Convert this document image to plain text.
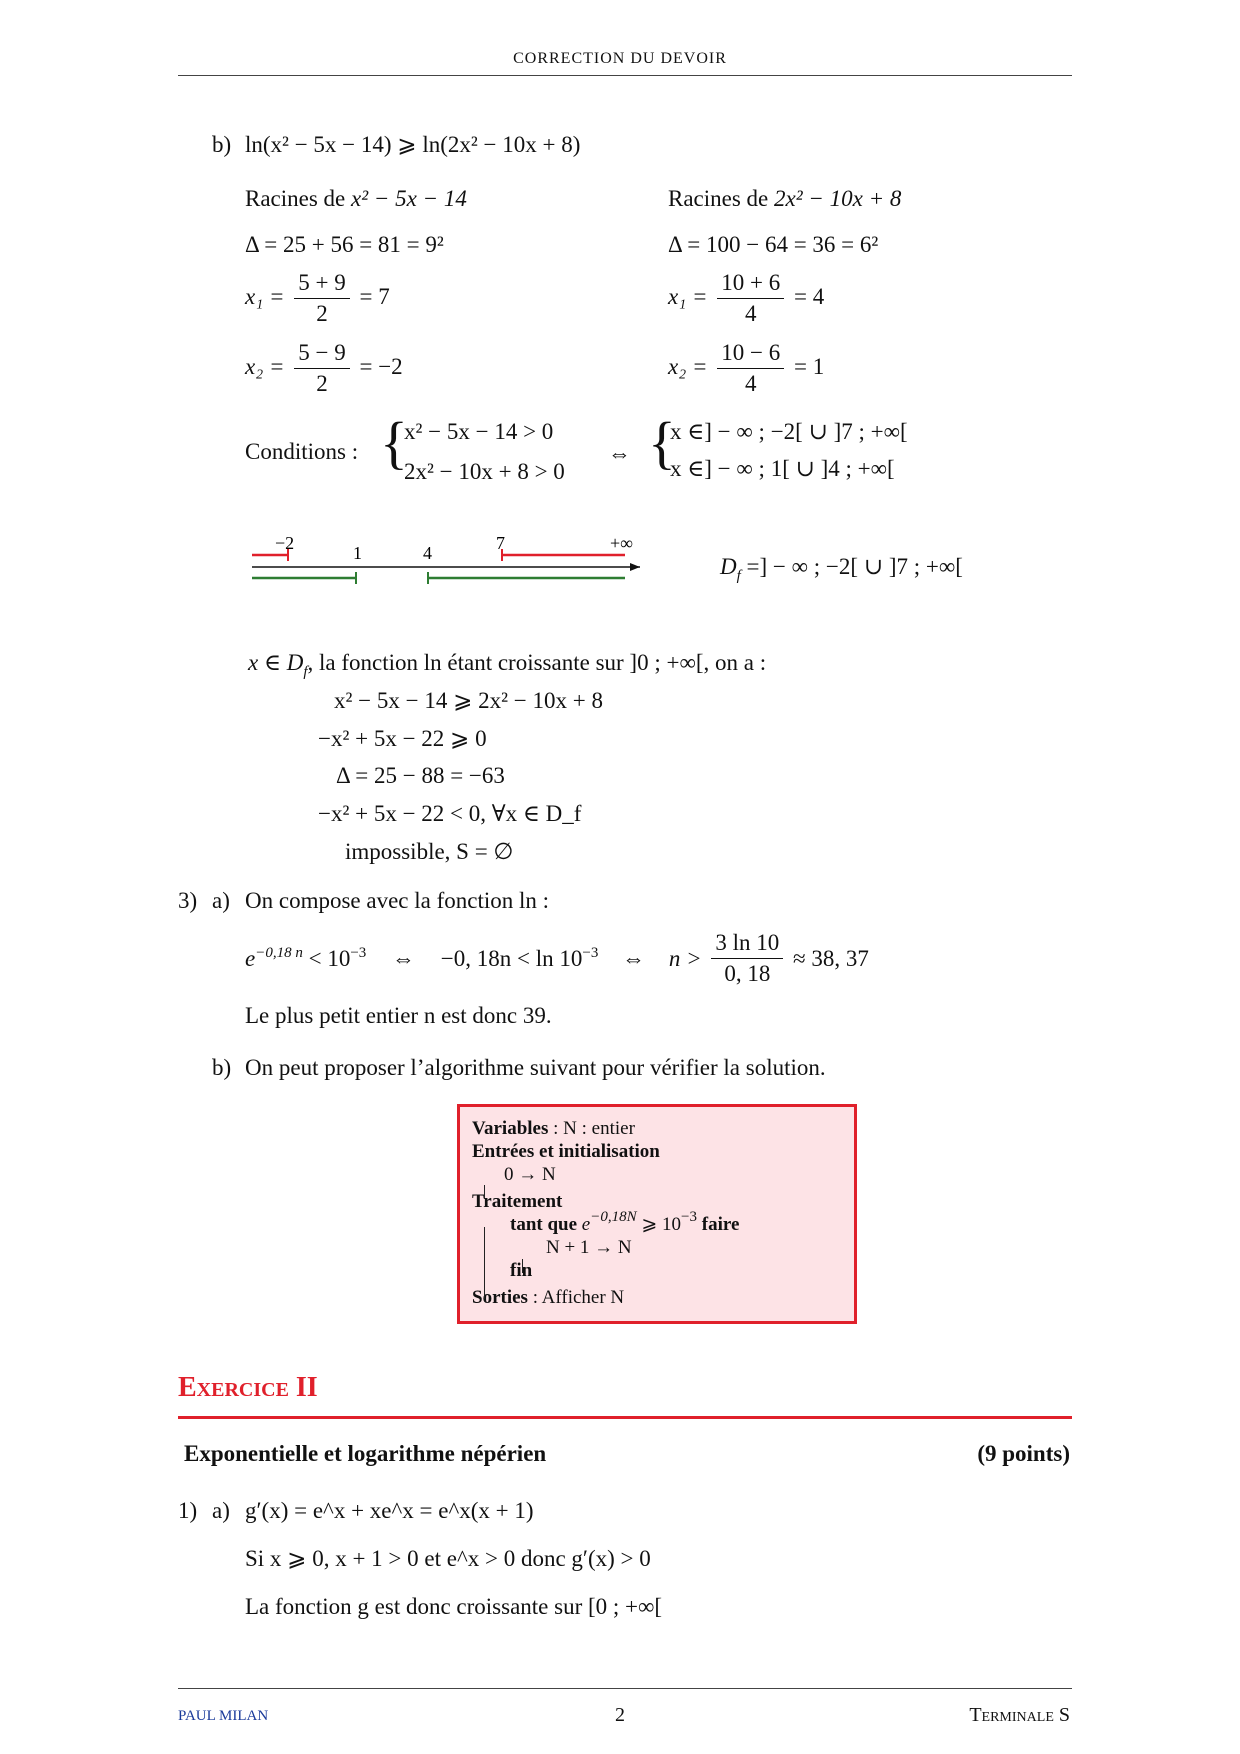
CORRECTION DU DEVOIR
b) ln(x² − 5x − 14) ⩾ ln(2x² − 10x + 8)
Racines de x² − 5x − 14
Δ = 25 + 56 = 81 = 9²
$x_1 = \frac{5 + 9}{2} = 7$
$x_2 = \frac{5 - 9}{2} = -2$
Racines de 2x² − 10x + 8
Δ = 100 − 64 = 36 = 6²
$x_1 = \frac{10 + 6}{4} = 4$
$x_2 = \frac{10 - 6}{4} = 1$
Conditions : {
x² − 5x − 14 > 0
2x² − 10x + 8 > 0
⇔ {
x ∈] − ∞ ; −2[ ∪ ]7 ; +∞[
x ∈] − ∞ ; 1[ ∪ ]4 ; +∞[
−2	1	4	7	+∞
$D_f$ =] − ∞ ; −2[ ∪ ]7 ; +∞[
x ∈ $D_f$, la fonction ln étant croissante sur ]0 ; +∞[, on a :
x² − 5x − 14 ⩾ 2x² − 10x + 8
−x² + 5x − 22 ⩾ 0
Δ = 25 − 88 = −63
−x² + 5x − 22 < 0, ∀x ∈ D_f
impossible, S = ∅
3) a) On compose avec la fonction ln :
$e^{-0,18 n} < 10^{-3}$ ⇔ −0, $18n < \ln 10^{-3}$ ⇔ $n > \frac{3 \ln 10}{0, 18} \approx 38$, 37
Le plus petit entier n est donc 39.
b) On peut proposer l’algorithme suivant pour vérifier la solution.
Variables : N : entier
Entrées et initialisation
0 → N
Traitement
tant que $e^{-0,18N}$ ⩾ $10^{-3}$ faire
N + 1 → N
fin
Sorties : Afficher N
Exercice II
Exponentielle et logarithme népérien	(9 points)
1) a) g′(x) = e^x + xe^x = e^x(x + 1)
Si x ⩾ 0, x + 1 > 0 et e^x > 0 donc g′(x) > 0
La fonction g est donc croissante sur [0 ; +∞[
PAUL MILAN	2	Terminale S
